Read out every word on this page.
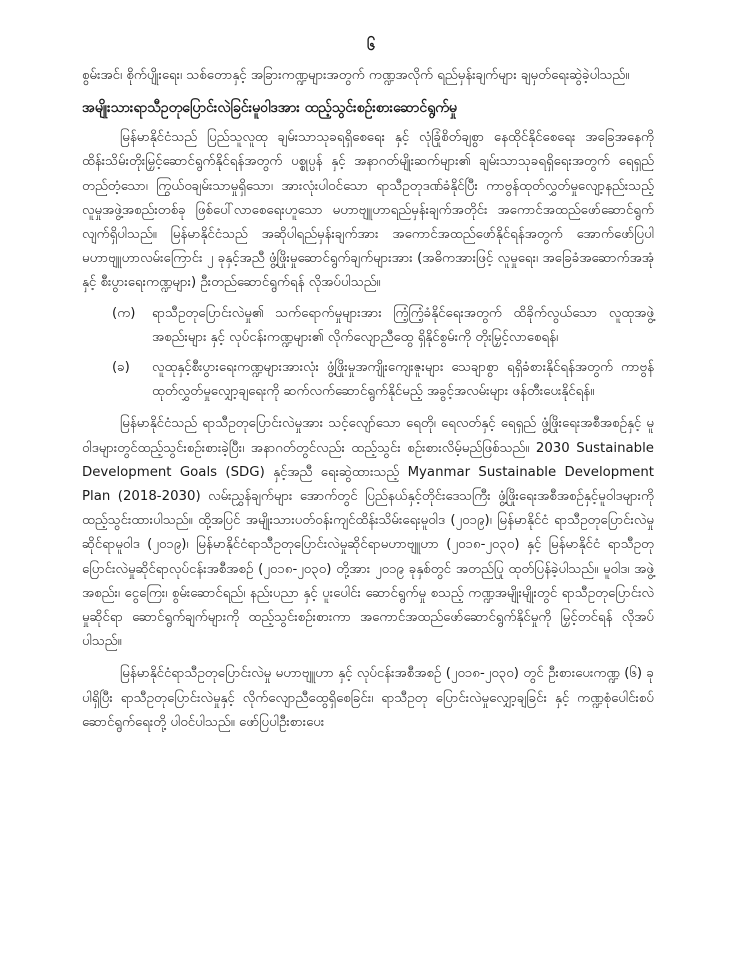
၆

စွမ်းအင်၊ စိုက်ပျိုးရေး၊ သစ်တောနှင့် အခြားကဏ္ဍများအတွက် ကဏ္ဍအလိုက် ရည်မှန်းချက်များ ချမှတ်ရေးဆွဲခဲ့ပါသည်။

အမျိုးသားရာသီဥတုပြောင်းလဲခြင်းမူဝါဒအား ထည့်သွင်းစဉ်းစားဆောင်ရွက်မှု

မြန်မာနိုင်ငံသည် ပြည်သူလူထု ချမ်းသာသုခရရှိစေရေး နှင့် လုံခြုံစိတ်ချစွာ နေထိုင်နိုင်စေရေး အခြေအနေကို ထိန်းသိမ်းတိုးမြှင့်ဆောင်ရွက်နိုင်ရန်အတွက် ပစ္စုပ္ပန် နှင့် အနာဂတ်မျိုးဆက်များ၏ ချမ်းသာသုခရရှိရေးအတွက် ရေရှည်တည်တံ့သော၊ ကြွယ်ဝချမ်းသာမှုရှိသော၊ အားလုံးပါဝင်သော ရာသီဥတုဒဏ်ခံနိုင်ပြီး ကာဗွန်ထုတ်လွှတ်မှုလျော့နည်းသည့် လူမှုအဖွဲ့အစည်းတစ်ခု ဖြစ်ပေါ်လာစေရေးဟူသော မဟာဗျူဟာရည်မှန်းချက်အတိုင်း အကောင်အထည်ဖော်ဆောင်ရွက်လျက်ရှိပါသည်။ မြန်မာနိုင်ငံသည် အဆိုပါရည်မှန်းချက်အား အကောင်အထည်ဖော်နိုင်ရန်အတွက် အောက်ဖော်ပြပါ မဟာဗျူဟာလမ်းကြောင်း ၂ ခုနှင့်အညီ ဖွံ့ဖြိုးမှုဆောင်ရွက်ချက်များအား (အဓိကအားဖြင့် လူမှုရေး၊ အခြေခံအဆောက်အအုံနှင့် စီးပွားရေးကဏ္ဍများ) ဦးတည်ဆောင်ရွက်ရန် လိုအပ်ပါသည်။

(က)	ရာသီဥတုပြောင်းလဲမှု၏ သက်ရောက်မှုများအား ကြံ့ကြံ့ခံနိုင်ရေးအတွက် ထိခိုက်လွယ်သော လူထုအဖွဲ့အစည်းများ နှင့် လုပ်ငန်းကဏ္ဍများ၏ လိုက်လျောညီထွေ ရှိနိုင်စွမ်းကို တိုးမြှင့်လာစေရန်၊

(ခ)	လူထုနှင့်စီးပွားရေးကဏ္ဍများအားလုံး ဖွံ့ဖြိုးမှုအကျိုးကျေးဇူးများ သေချာစွာ ရရှိခံစားနိုင်ရန်အတွက် ကာဗွန်ထုတ်လွှတ်မှုလျှော့ချရေးကို ဆက်လက်ဆောင်ရွက်နိုင်မည့် အခွင့်အလမ်းများ ဖန်တီးပေးနိုင်ရန်။

မြန်မာနိုင်ငံသည် ရာသီဥတုပြောင်းလဲမှုအား သင့်လျော်သော ရေတို၊ ရေလတ်နှင့် ရေရှည် ဖွံ့ဖြိုးရေးအစီအစဉ်နှင့် မူဝါဒများတွင်ထည့်သွင်းစဉ်းစားခဲ့ပြီး၊ အနာဂတ်တွင်လည်း ထည့်သွင်း စဉ်းစားလိမ့်မည်ဖြစ်သည်။ 2030 Sustainable Development Goals (SDG) နှင့်အညီ ရေးဆွဲထားသည့် Myanmar Sustainable Development Plan (2018-2030) လမ်းညွှန်ချက်များ အောက်တွင် ပြည်နယ်နှင့်တိုင်းဒေသကြီး ဖွံ့ဖြိုးရေးအစီအစဉ်နှင့်မူဝါဒများကို ထည့်သွင်းထားပါသည်။ ထို့အပြင် အမျိုးသားပတ်ဝန်းကျင်ထိန်းသိမ်းရေးမူဝါဒ (၂၀၁၉)၊ မြန်မာနိုင်ငံ ရာသီဥတုပြောင်းလဲမှုဆိုင်ရာမူဝါဒ (၂၀၁၉)၊ မြန်မာနိုင်ငံရာသီဥတုပြောင်းလဲမှုဆိုင်ရာမဟာဗျူဟာ (၂၀၁၈-၂၀၃၀) နှင့် မြန်မာနိုင်ငံ ရာသီဥတု ပြောင်းလဲမှုဆိုင်ရာလုပ်ငန်းအစီအစဉ် (၂၀၁၈-၂၀၃၀) တို့အား ၂၀၁၉ ခုနှစ်တွင် အတည်ပြု ထုတ်ပြန်ခဲ့ပါသည်။ မူဝါဒ၊ အဖွဲ့အစည်း၊ ငွေကြေး၊ စွမ်းဆောင်ရည်၊ နည်းပညာ နှင့် ပူးပေါင်း ဆောင်ရွက်မှု စသည့် ကဏ္ဍအမျိုးမျိုးတွင် ရာသီဥတုပြောင်းလဲမှုဆိုင်ရာ ဆောင်ရွက်ချက်များကို ထည့်သွင်းစဉ်းစားကာ အကောင်အထည်ဖော်ဆောင်ရွက်နိုင်မှုကို မြှင့်တင်ရန် လိုအပ်ပါသည်။

မြန်မာနိုင်ငံရာသီဥတုပြောင်းလဲမှု မဟာဗျူဟာ နှင့် လုပ်ငန်းအစီအစဉ် (၂၀၁၈-၂၀၃၀) တွင် ဦးစားပေးကဏ္ဍ (၆) ခု ပါရှိပြီး ရာသီဥတုပြောင်းလဲမှုနှင့် လိုက်လျောညီထွေရှိစေခြင်း၊ ရာသီဥတု ပြောင်းလဲမှုလျှော့ချခြင်း နှင့် ကဏ္ဍစုံပေါင်းစပ်ဆောင်ရွက်ရေးတို့ ပါဝင်ပါသည်။ ဖော်ပြပါဦးစားပေး
